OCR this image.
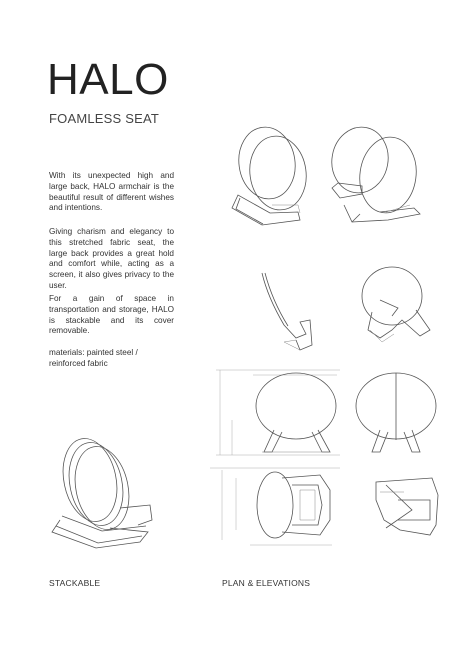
HALO
FOAMLESS SEAT

With its unexpected high and large back, HALO armchair is the beautiful result of different wishes and intentions.

Giving charism and elegancy to this stretched fabric seat, the large back provides a great hold and comfort while, acting as a screen, it also gives privacy to the user.

For a gain of space in transportation and storage, HALO is stackable and its cover removable.

materials: painted steel / reinforced fabric

STACKABLE	PLAN & ELEVATIONS
